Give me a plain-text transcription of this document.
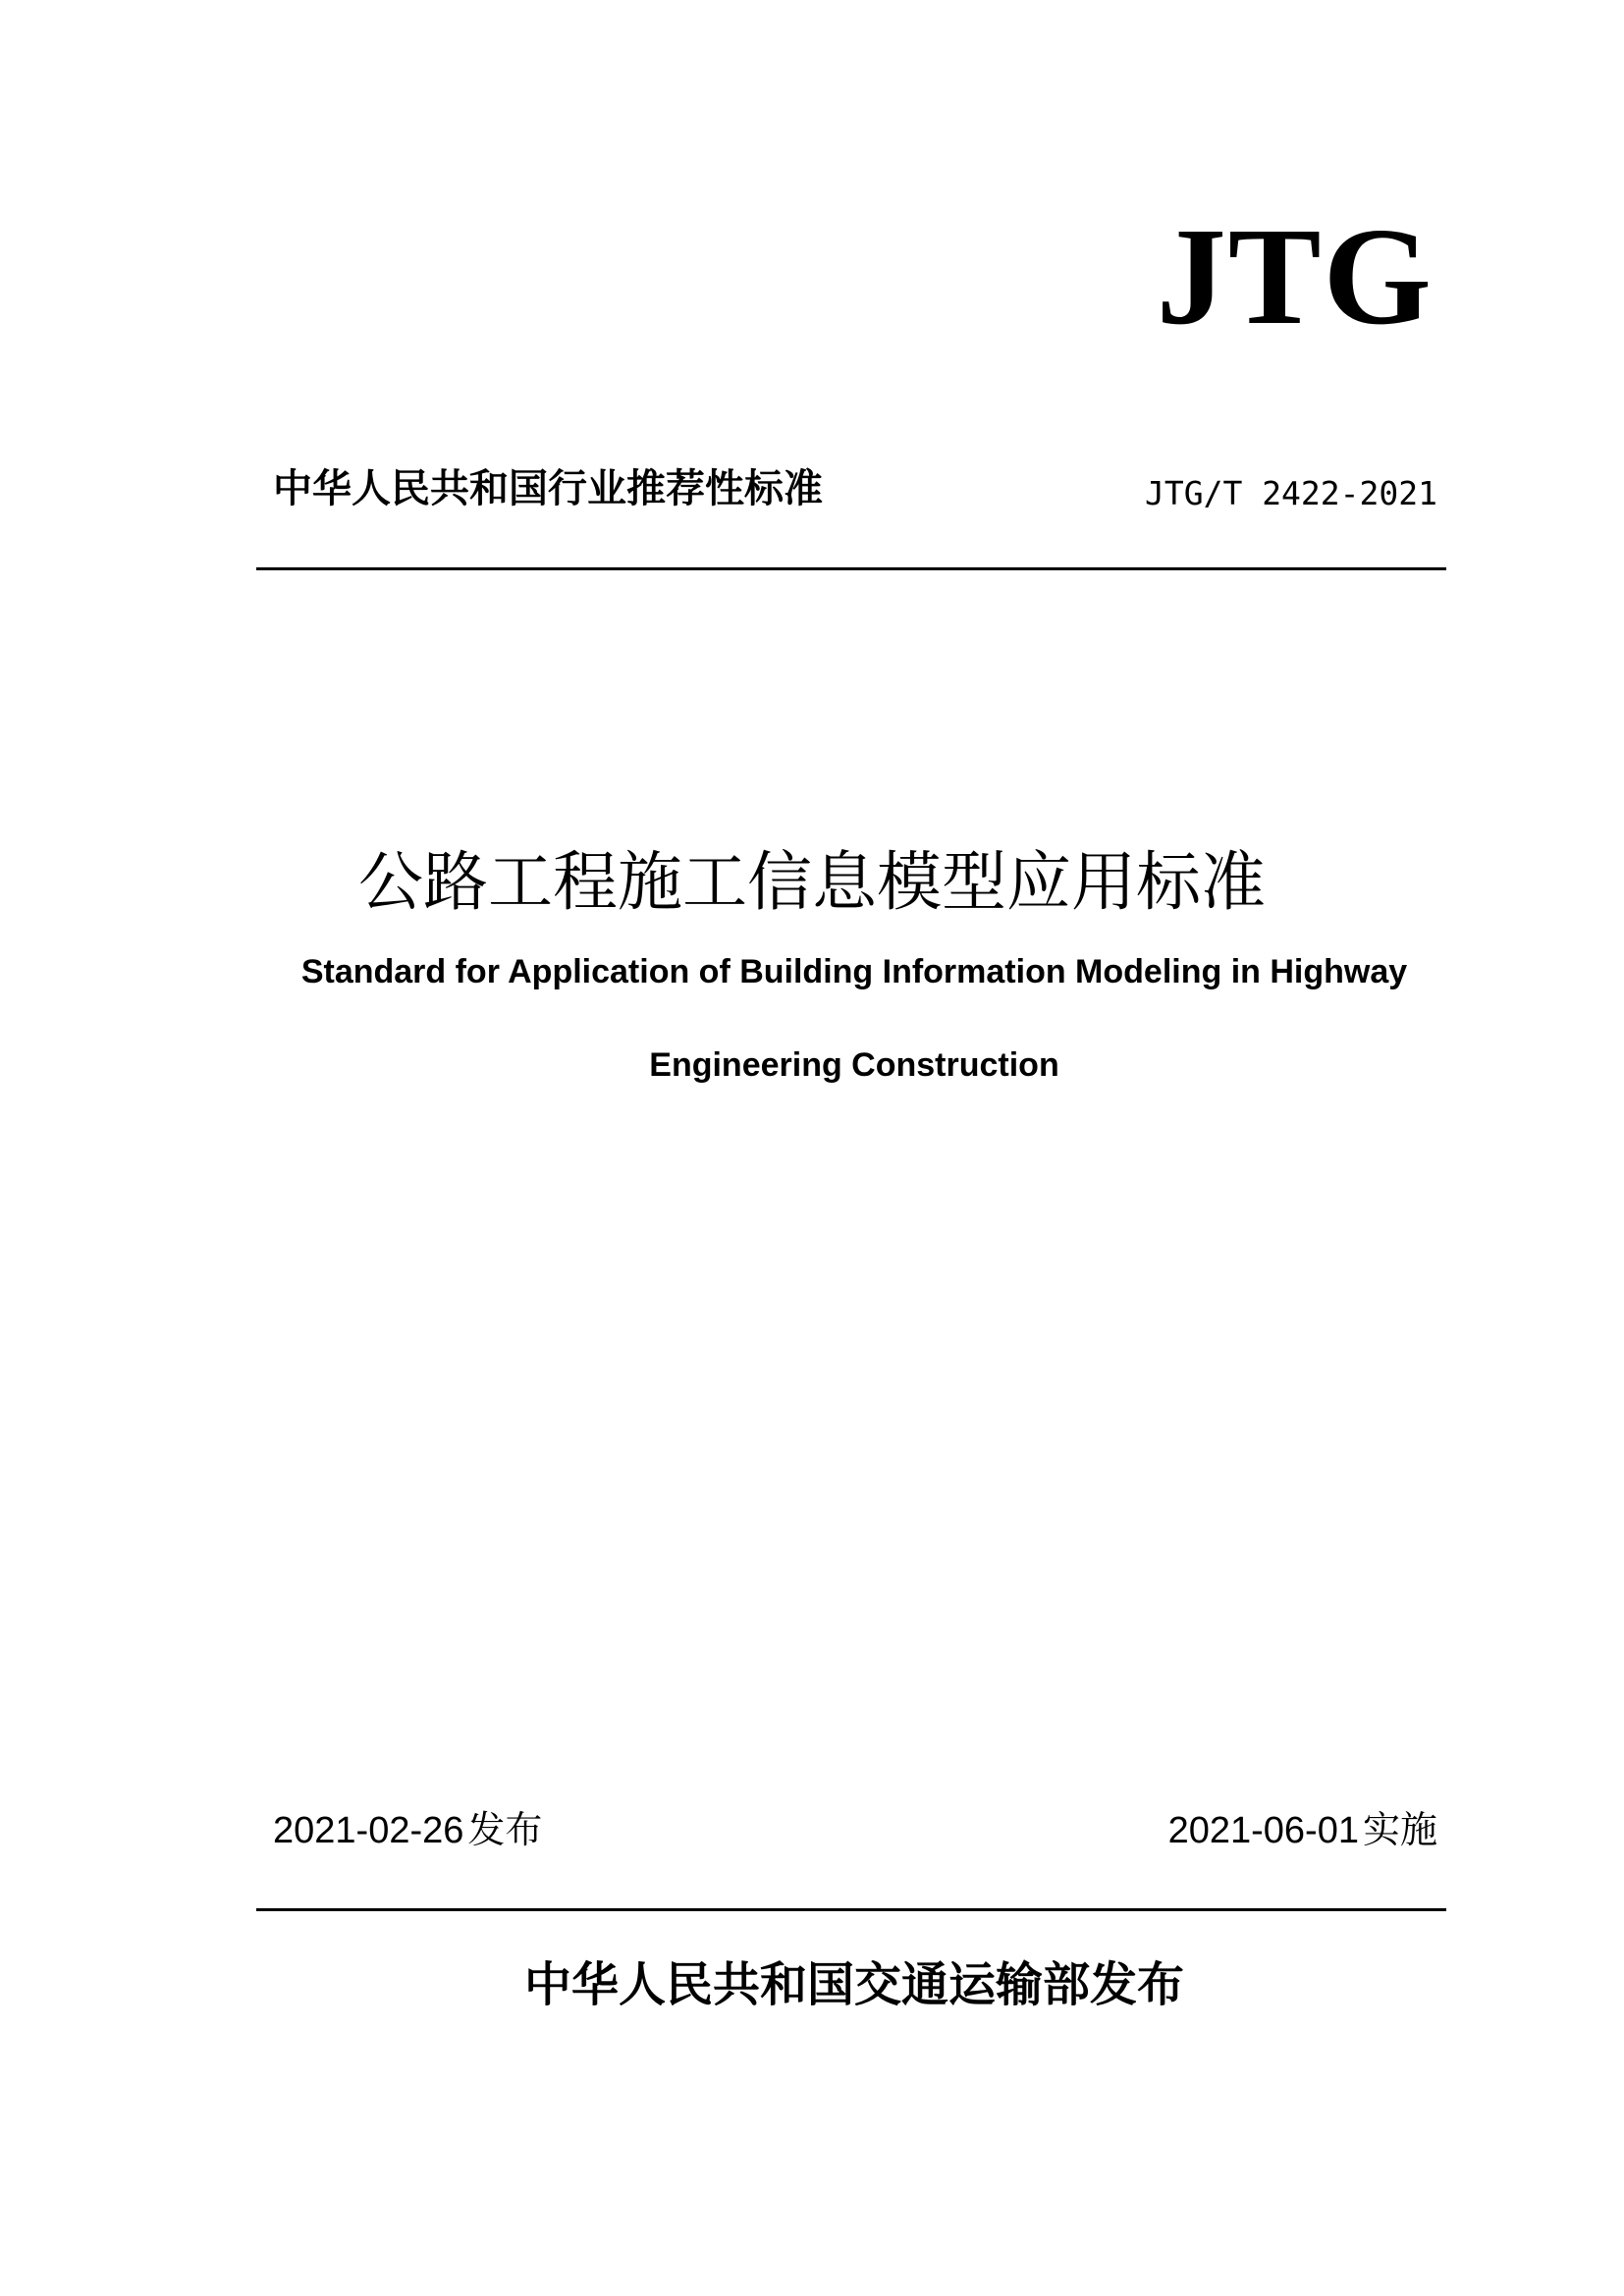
JTG
中华人民共和国行业推荐性标准	JTG/T 2422-2021
公路工程施工信息模型应用标准
Standard for Application of Building Information Modeling in Highway
Engineering Construction
2021-02-26 发布	2021-06-01 实施
中华人民共和国交通运输部发布
